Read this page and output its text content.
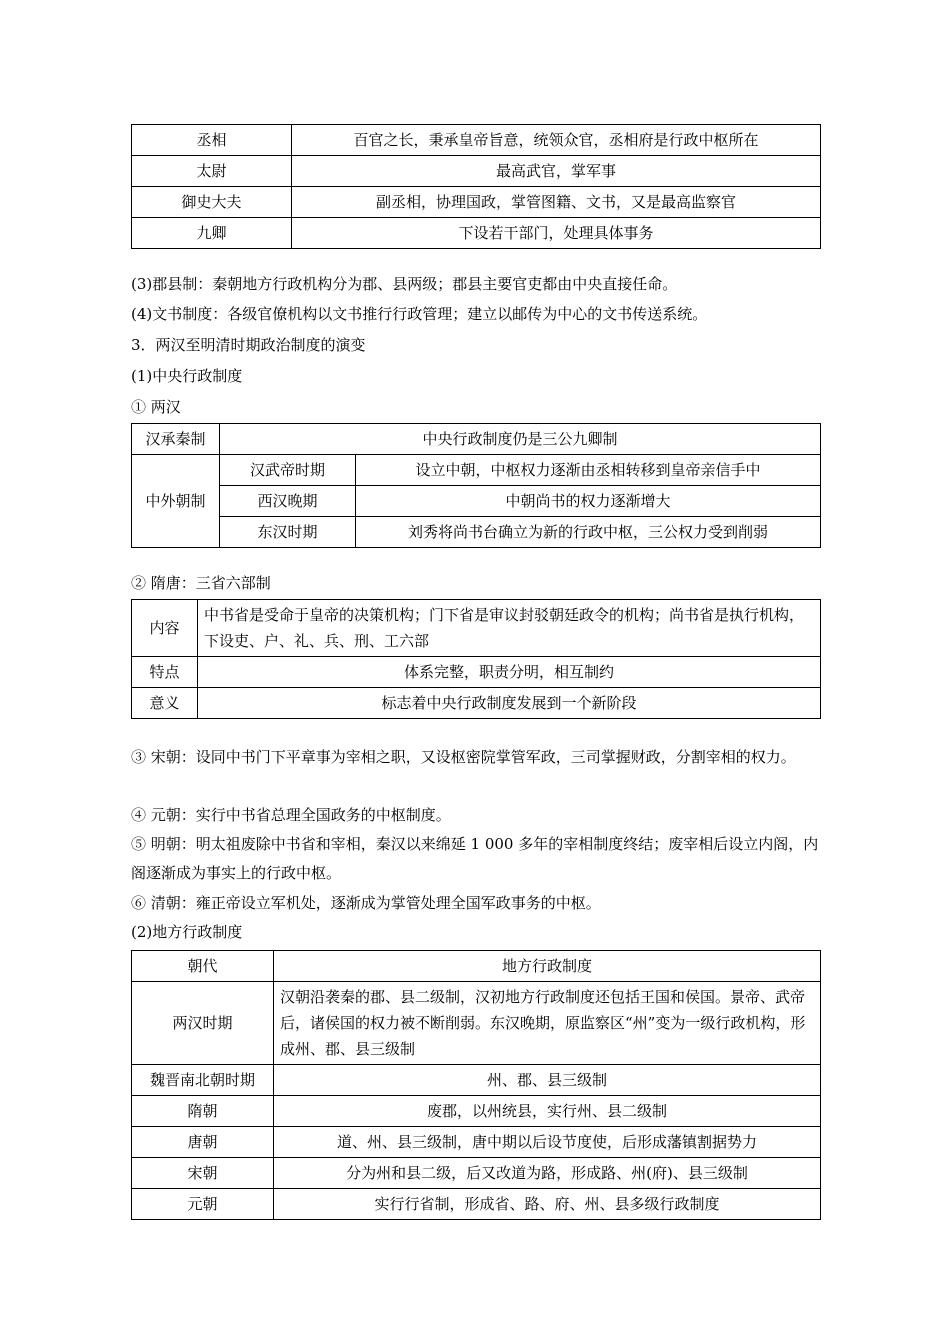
丞相	百官之长，秉承皇帝旨意，统领众官，丞相府是行政中枢所在
太尉	最高武官，掌军事
御史大夫	副丞相，协理国政，掌管图籍、文书，又是最高监察官
九卿	下设若干部门，处理具体事务
(3)郡县制：秦朝地方行政机构分为郡、县两级；郡县主要官吏都由中央直接任命。
(4)文书制度：各级官僚机构以文书推行行政管理；建立以邮传为中心的文书传送系统。
3．两汉至明清时期政治制度的演变
(1)中央行政制度
① 两汉
汉承秦制	中央行政制度仍是三公九卿制	
中外朝制	汉武帝时期	设立中朝，中枢权力逐渐由丞相转移到皇帝亲信手中
	西汉晚期	中朝尚书的权力逐渐增大
	东汉时期	刘秀将尚书台确立为新的行政中枢，三公权力受到削弱
② 隋唐：三省六部制
内容	中书省是受命于皇帝的决策机构；门下省是审议封驳朝廷政令的机构；尚书省是执行机构，下设吏、户、礼、兵、刑、工六部
特点	体系完整，职责分明，相互制约
意义	标志着中央行政制度发展到一个新阶段
③ 宋朝：设同中书门下平章事为宰相之职，又设枢密院掌管军政，三司掌握财政，分割宰相的权力。
④ 元朝：实行中书省总理全国政务的中枢制度。
⑤ 明朝：明太祖废除中书省和宰相，秦汉以来绵延 1 000 多年的宰相制度终结；废宰相后设立内阁，内阁逐渐成为事实上的行政中枢。
⑥ 清朝：雍正帝设立军机处，逐渐成为掌管处理全国军政事务的中枢。
(2)地方行政制度
朝代	地方行政制度
两汉时期	汉朝沿袭秦的郡、县二级制，汉初地方行政制度还包括王国和侯国。景帝、武帝后，诸侯国的权力被不断削弱。东汉晚期，原监察区“州”变为一级行政机构，形成州、郡、县三级制
魏晋南北朝时期	州、郡、县三级制
隋朝	废郡，以州统县，实行州、县二级制
唐朝	道、州、县三级制，唐中期以后设节度使，后形成藩镇割据势力
宋朝	分为州和县二级，后又改道为路，形成路、州(府)、县三级制
元朝	实行行省制，形成省、路、府、州、县多级行政制度
